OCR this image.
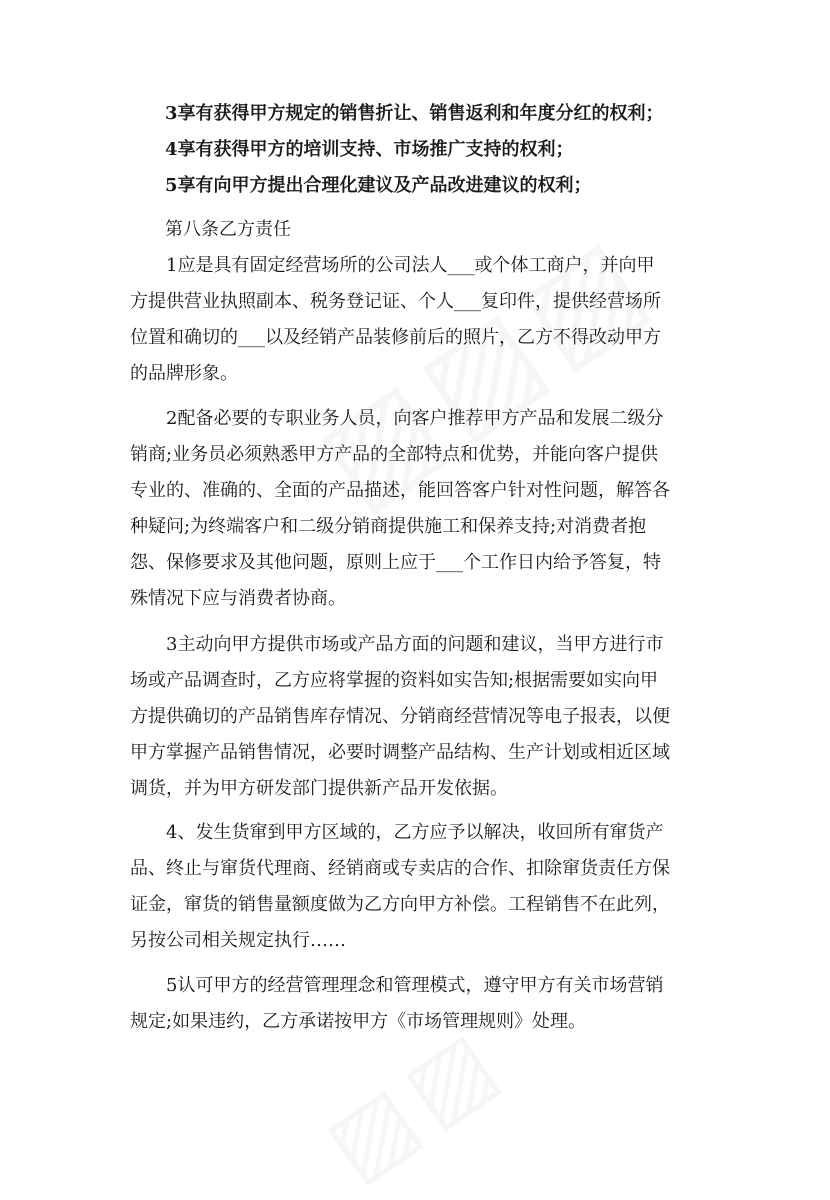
3享有获得甲方规定的销售折让、销售返利和年度分红的权利；

4享有获得甲方的培训支持、市场推广支持的权利；

5享有向甲方提出合理化建议及产品改进建议的权利；

第八条乙方责任

1应是具有固定经营场所的公司法人___或个体工商户，并向甲

方提供营业执照副本、税务登记证、个人___复印件，提供经营场所

位置和确切的___以及经销产品装修前后的照片，乙方不得改动甲方

的品牌形象。

2配备必要的专职业务人员，向客户推荐甲方产品和发展二级分

销商;业务员必须熟悉甲方产品的全部特点和优势，并能向客户提供

专业的、准确的、全面的产品描述，能回答客户针对性问题，解答各

种疑问;为终端客户和二级分销商提供施工和保养支持;对消费者抱

怨、保修要求及其他问题，原则上应于___个工作日内给予答复，特

殊情况下应与消费者协商。

3主动向甲方提供市场或产品方面的问题和建议，当甲方进行市

场或产品调查时，乙方应将掌握的资料如实告知;根据需要如实向甲

方提供确切的产品销售库存情况、分销商经营情况等电子报表，以便

甲方掌握产品销售情况，必要时调整产品结构、生产计划或相近区域

调货，并为甲方研发部门提供新产品开发依据。

4、发生货窜到甲方区域的，乙方应予以解决，收回所有窜货产

品、终止与窜货代理商、经销商或专卖店的合作、扣除窜货责任方保

证金，窜货的销售量额度做为乙方向甲方补偿。工程销售不在此列，

另按公司相关规定执行……

5认可甲方的经营管理理念和管理模式，遵守甲方有关市场营销

规定;如果违约，乙方承诺按甲方《市场管理规则》处理。
